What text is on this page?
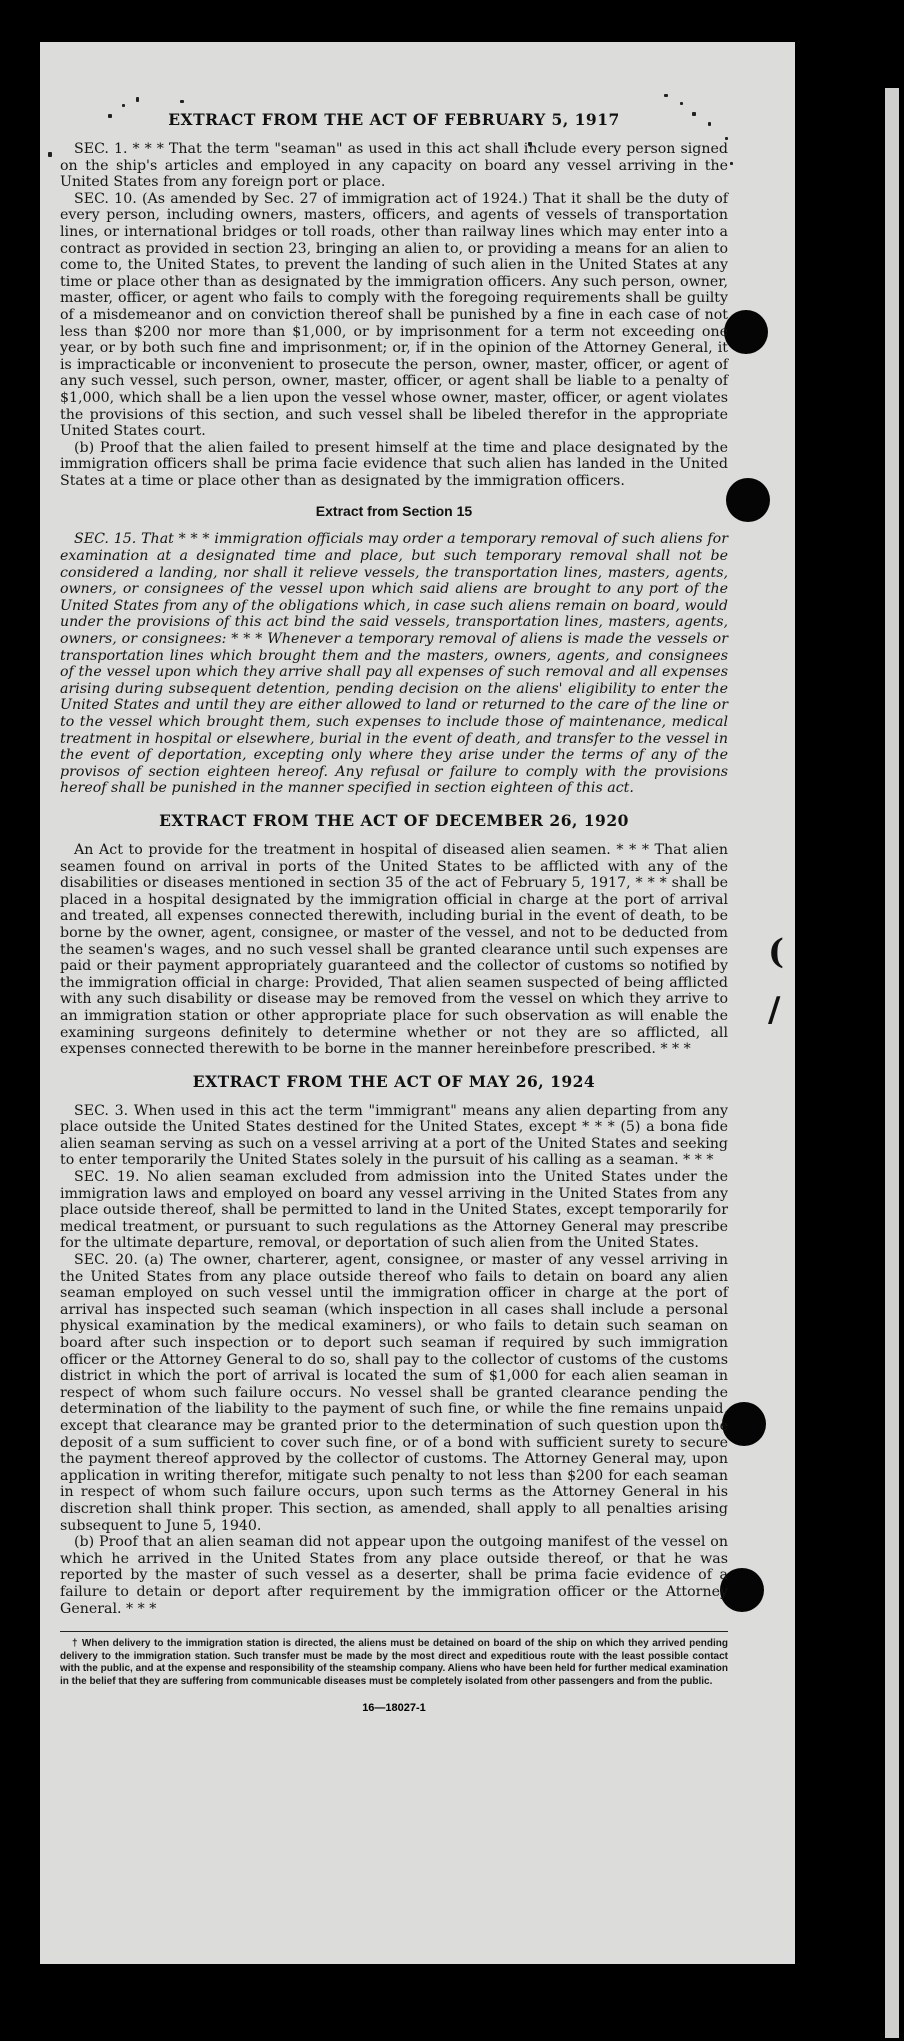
(
/
EXTRACT FROM THE ACT OF FEBRUARY 5, 1917

SEC. 1. * * * That the term "seaman" as used in this act shall include every person signed on the ship's articles and employed in any capacity on board any vessel arriving in the United States from any foreign port or place.

SEC. 10. (As amended by Sec. 27 of immigration act of 1924.) That it shall be the duty of every person, including owners, masters, officers, and agents of vessels of transportation lines, or international bridges or toll roads, other than railway lines which may enter into a contract as provided in section 23, bringing an alien to, or providing a means for an alien to come to, the United States, to prevent the landing of such alien in the United States at any time or place other than as designated by the immigration officers. Any such person, owner, master, officer, or agent who fails to comply with the foregoing requirements shall be guilty of a misdemeanor and on conviction thereof shall be punished by a fine in each case of not less than $200 nor more than $1,000, or by imprisonment for a term not exceeding one year, or by both such fine and imprisonment; or, if in the opinion of the Attorney General, it is impracticable or inconvenient to prosecute the person, owner, master, officer, or agent of any such vessel, such person, owner, master, officer, or agent shall be liable to a penalty of $1,000, which shall be a lien upon the vessel whose owner, master, officer, or agent violates the provisions of this section, and such vessel shall be libeled therefor in the appropriate United States court.

(b) Proof that the alien failed to present himself at the time and place designated by the immigration officers shall be prima facie evidence that such alien has landed in the United States at a time or place other than as designated by the immigration officers.

Extract from Section 15

SEC. 15. That * * * immigration officials may order a temporary removal of such aliens for examination at a designated time and place, but such temporary removal shall not be considered a landing, nor shall it relieve vessels, the transportation lines, masters, agents, owners, or consignees of the vessel upon which said aliens are brought to any port of the United States from any of the obligations which, in case such aliens remain on board, would under the provisions of this act bind the said vessels, transportation lines, masters, agents, owners, or consignees: * * * Whenever a temporary removal of aliens is made the vessels or transportation lines which brought them and the masters, owners, agents, and consignees of the vessel upon which they arrive shall pay all expenses of such removal and all expenses arising during subsequent detention, pending decision on the aliens' eligibility to enter the United States and until they are either allowed to land or returned to the care of the line or to the vessel which brought them, such expenses to include those of maintenance, medical treatment in hospital or elsewhere, burial in the event of death, and transfer to the vessel in the event of deportation, excepting only where they arise under the terms of any of the provisos of section eighteen hereof. Any refusal or failure to comply with the provisions hereof shall be punished in the manner specified in section eighteen of this act.

EXTRACT FROM THE ACT OF DECEMBER 26, 1920

An Act to provide for the treatment in hospital of diseased alien seamen. * * * That alien seamen found on arrival in ports of the United States to be afflicted with any of the disabilities or diseases mentioned in section 35 of the act of February 5, 1917, * * * shall be placed in a hospital designated by the immigration official in charge at the port of arrival and treated, all expenses connected therewith, including burial in the event of death, to be borne by the owner, agent, consignee, or master of the vessel, and not to be deducted from the seamen's wages, and no such vessel shall be granted clearance until such expenses are paid or their payment appropriately guaranteed and the collector of customs so notified by the immigration official in charge: Provided, That alien seamen suspected of being afflicted with any such disability or disease may be removed from the vessel on which they arrive to an immigration station or other appropriate place for such observation as will enable the examining surgeons definitely to determine whether or not they are so afflicted, all expenses connected therewith to be borne in the manner hereinbefore prescribed. * * *

EXTRACT FROM THE ACT OF MAY 26, 1924

SEC. 3. When used in this act the term "immigrant" means any alien departing from any place outside the United States destined for the United States, except * * * (5) a bona fide alien seaman serving as such on a vessel arriving at a port of the United States and seeking to enter temporarily the United States solely in the pursuit of his calling as a seaman. * * *

SEC. 19. No alien seaman excluded from admission into the United States under the immigration laws and employed on board any vessel arriving in the United States from any place outside thereof, shall be permitted to land in the United States, except temporarily for medical treatment, or pursuant to such regulations as the Attorney General may prescribe for the ultimate departure, removal, or deportation of such alien from the United States.

SEC. 20. (a) The owner, charterer, agent, consignee, or master of any vessel arriving in the United States from any place outside thereof who fails to detain on board any alien seaman employed on such vessel until the immigration officer in charge at the port of arrival has inspected such seaman (which inspection in all cases shall include a personal physical examination by the medical examiners), or who fails to detain such seaman on board after such inspection or to deport such seaman if required by such immigration officer or the Attorney General to do so, shall pay to the collector of customs of the customs district in which the port of arrival is located the sum of $1,000 for each alien seaman in respect of whom such failure occurs. No vessel shall be granted clearance pending the determination of the liability to the payment of such fine, or while the fine remains unpaid, except that clearance may be granted prior to the determination of such question upon the deposit of a sum sufficient to cover such fine, or of a bond with sufficient surety to secure the payment thereof approved by the collector of customs. The Attorney General may, upon application in writing therefor, mitigate such penalty to not less than $200 for each seaman in respect of whom such failure occurs, upon such terms as the Attorney General in his discretion shall think proper. This section, as amended, shall apply to all penalties arising subsequent to June 5, 1940.

(b) Proof that an alien seaman did not appear upon the outgoing manifest of the vessel on which he arrived in the United States from any place outside thereof, or that he was reported by the master of such vessel as a deserter, shall be prima facie evidence of a failure to detain or deport after requirement by the immigration officer or the Attorney General. * * *

† When delivery to the immigration station is directed, the aliens must be detained on board of the ship on which they arrived pending delivery to the immigration station. Such transfer must be made by the most direct and expeditious route with the least possible contact with the public, and at the expense and responsibility of the steamship company. Aliens who have been held for further medical examination in the belief that they are suffering from communicable diseases must be completely isolated from other passengers and from the public.

16—18027-1
